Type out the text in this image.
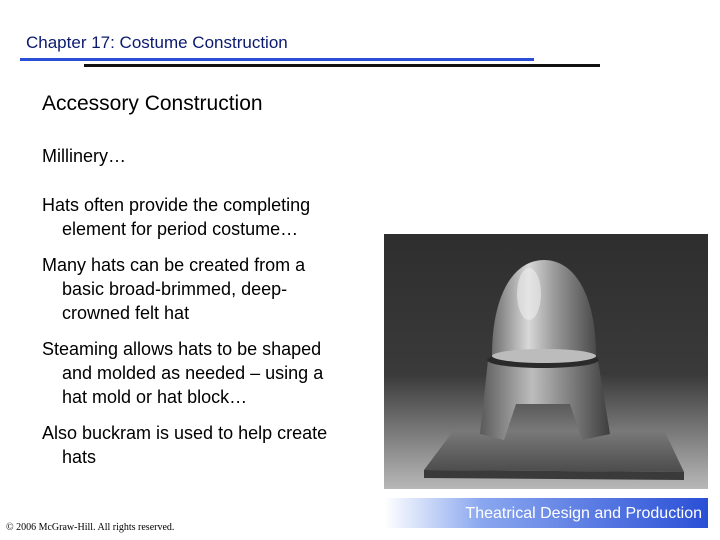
Chapter 17: Costume Construction
Accessory Construction
Millinery…
Hats often provide the completing
element for period costume…
Many hats can be created from a
basic broad-brimmed, deep-
crowned felt hat
Steaming allows hats to be shaped
and molded as needed – using a
hat mold or hat block…
Also buckram is used to help create
hats
Theatrical Design and Production
© 2006 McGraw-Hill. All rights reserved.
